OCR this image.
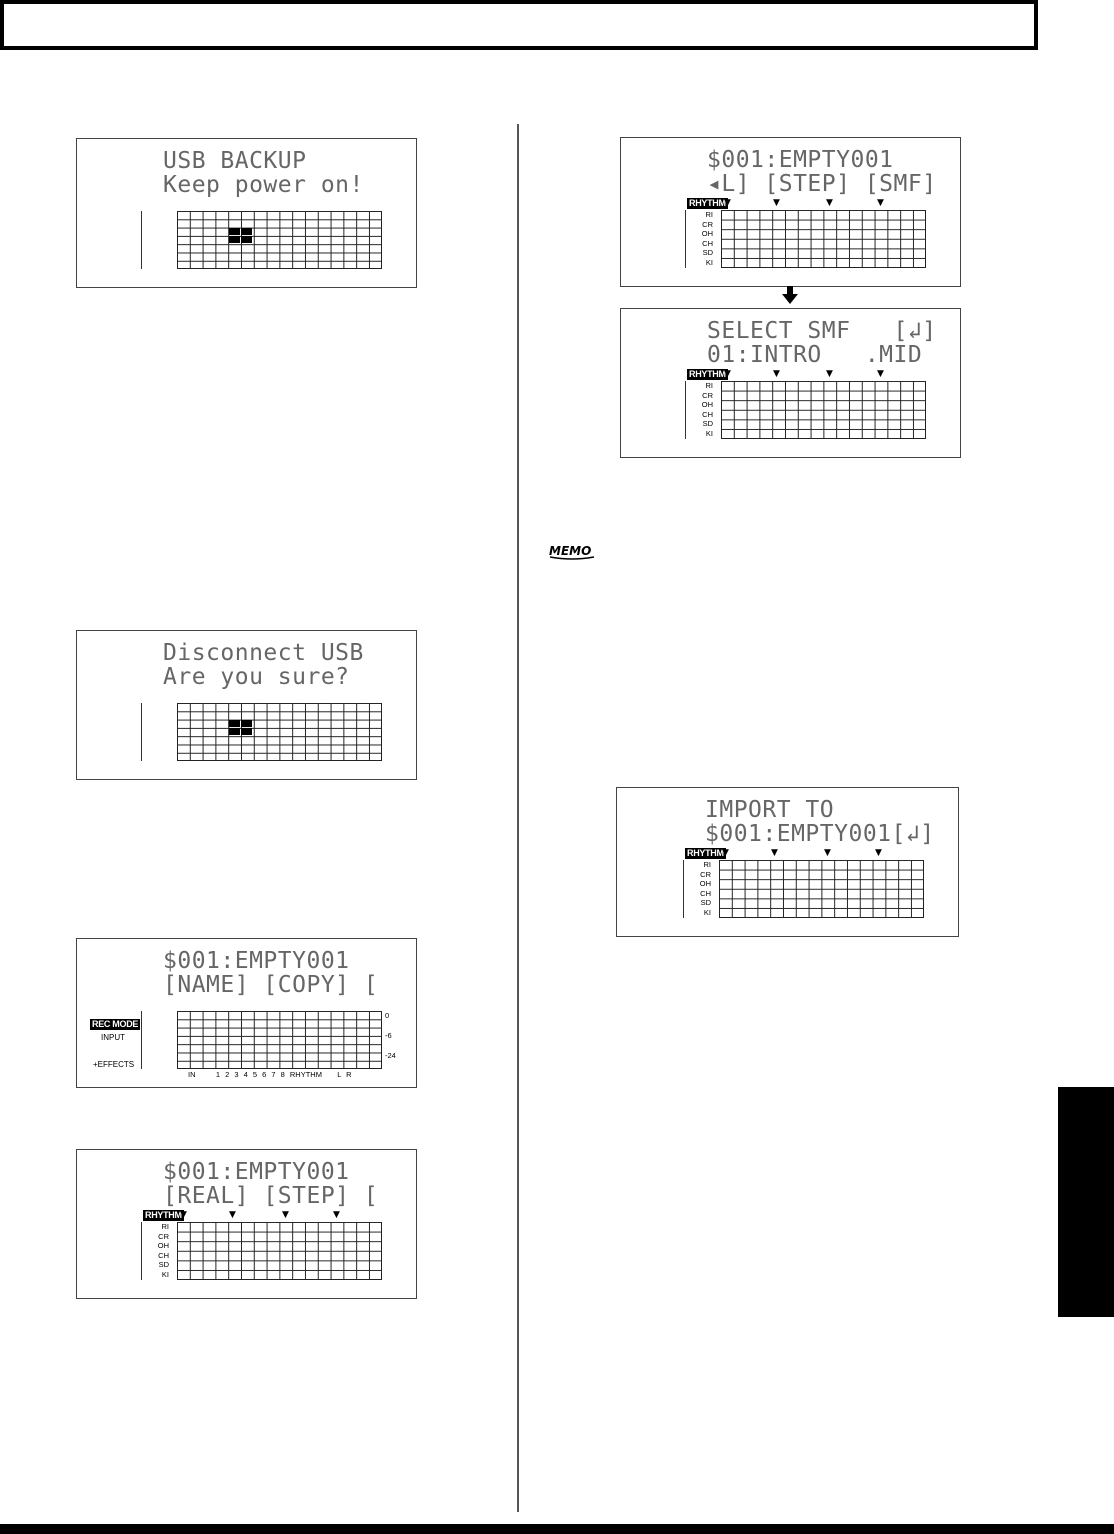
USB BACKUP
Keep power on!
Disconnect USB
Are you sure?
$001:EMPTY001
[NAME] [COPY] [
REC MODE
INPUT
+EFFECTS
0
-6
-24
IN    1 2 3 4 5 6 7 8 RHYTHM   L R
$001:EMPTY001
[REAL] [STEP] [
RHYTHM
▼	▼	▼	▼
RI
CR
OH
CH
SD
KI
$001:EMPTY001
◂L] [STEP] [SMF]
RHYTHM
▼	▼	▼	▼
RI
CR
OH
CH
SD
KI
SELECT SMF   [↲]
01:INTRO   .MID
RHYTHM
▼	▼	▼	▼
RI
CR
OH
CH
SD
KI
MEMO
IMPORT TO
$001:EMPTY001[↲]
RHYTHM
▼	▼	▼	▼
RI
CR
OH
CH
SD
KI
